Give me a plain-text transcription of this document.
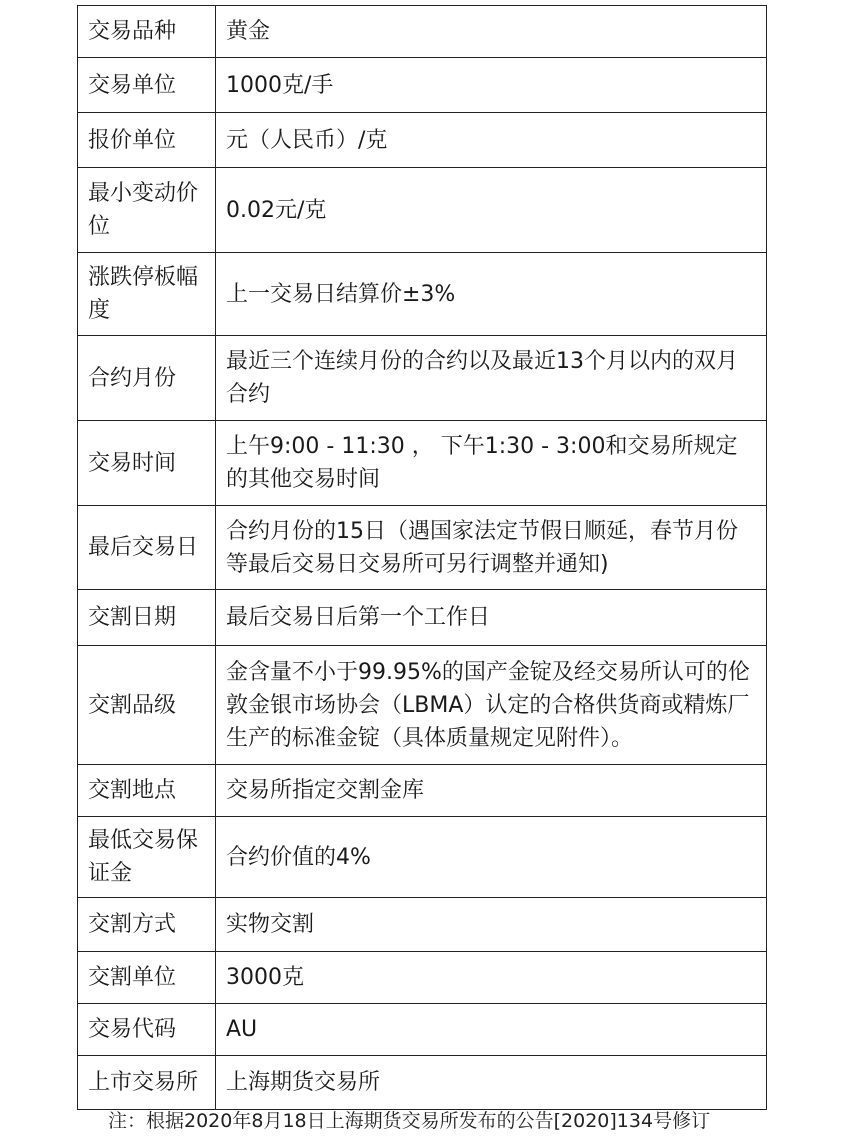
交易品种	黄金
交易单位	1000克/手
报价单位	元（人民币）/克
最小变动价位	0.02元/克
涨跌停板幅度	上一交易日结算价±3%
合约月份	最近三个连续月份的合约以及最近13个月以内的双月合约
交易时间	上午9:00 - 11:30 ， 下午1:30 - 3:00和交易所规定的其他交易时间
最后交易日	合约月份的15日（遇国家法定节假日顺延，春节月份等最后交易日交易所可另行调整并通知)
交割日期	最后交易日后第一个工作日
交割品级	金含量不小于99.95%的国产金锭及经交易所认可的伦敦金银市场协会（LBMA）认定的合格供货商或精炼厂生产的标准金锭（具体质量规定见附件）。
交割地点	交易所指定交割金库
最低交易保证金	合约价值的4%
交割方式	实物交割
交割单位	3000克
交易代码	AU
上市交易所	上海期货交易所
注：根据2020年8月18日上海期货交易所发布的公告[2020]134号修订
